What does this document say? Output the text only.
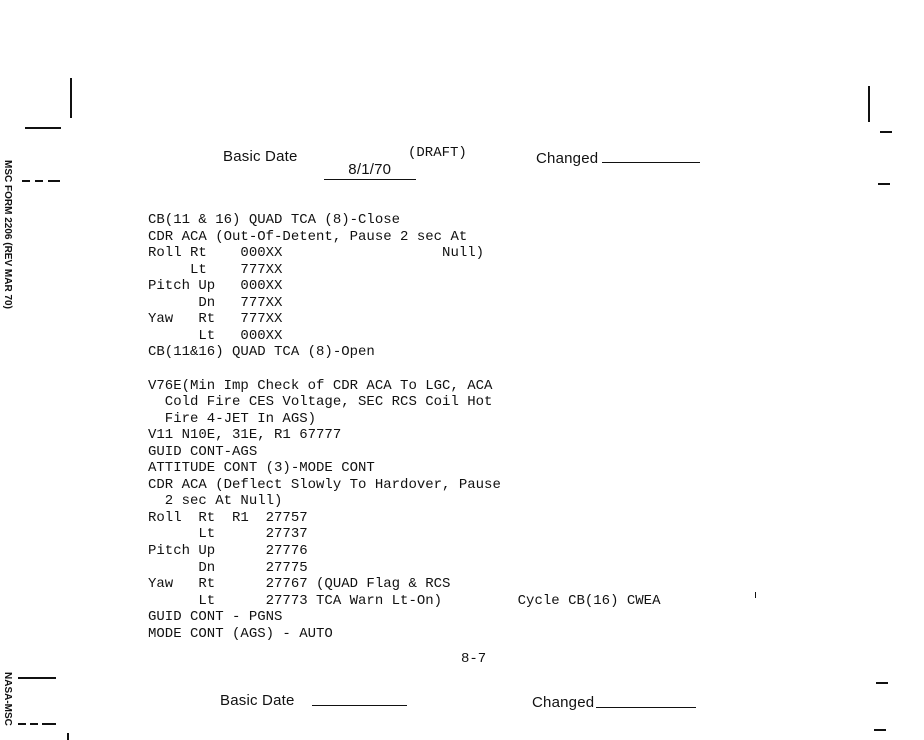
MSC FORM 2206 (REV MAR 70)
NASA-MSC
Basic Date

8/1/70

(DRAFT)	Changed
CB(11 & 16) QUAD TCA (8)-Close
CDR ACA (Out-Of-Detent, Pause 2 sec At
Roll Rt    000XX                   Null)
Lt    777XX
Pitch Up   000XX
Dn   777XX
Yaw   Rt   777XX
Lt   000XX
CB(11&16) QUAD TCA (8)-Open
V76E(Min Imp Check of CDR ACA To LGC, ACA
Cold Fire CES Voltage, SEC RCS Coil Hot
Fire 4-JET In AGS)
V11 N10E, 31E, R1 67777
GUID CONT-AGS
ATTITUDE CONT (3)-MODE CONT
CDR ACA (Deflect Slowly To Hardover, Pause
2 sec At Null)
Roll  Rt  R1  27757
Lt      27737
Pitch Up      27776
Dn      27775
Yaw   Rt      27767 (QUAD Flag & RCS
Lt      27773 TCA Warn Lt-On)         Cycle CB(16) CWEA
GUID CONT - PGNS
MODE CONT (AGS) - AUTO
8-7
Basic Date	Changed
